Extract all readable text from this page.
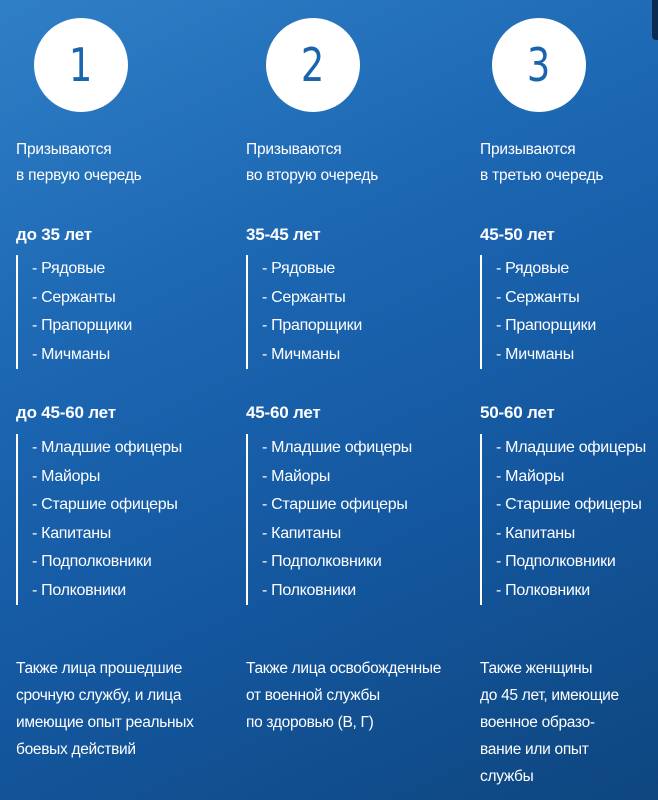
1
Призываются
в первую очередь
до 35 лет
- Рядовые
- Сержанты
- Прапорщики
- Мичманы
до 45-60 лет
- Младшие офицеры
- Майоры
- Старшие офицеры
- Капитаны
- Подполковники
- Полковники
Также лица прошедшие
срочную службу, и лица
имеющие опыт реальных
боевых действий
2
Призываются
во вторую очередь
35-45 лет
- Рядовые
- Сержанты
- Прапорщики
- Мичманы
45-60 лет
- Младшие офицеры
- Майоры
- Старшие офицеры
- Капитаны
- Подполковники
- Полковники
Также лица освобожденные
от военной службы
по здоровью (В, Г)
3
Призываются
в третью очередь
45-50 лет
- Рядовые
- Сержанты
- Прапорщики
- Мичманы
50-60 лет
- Младшие офицеры
- Майоры
- Старшие офицеры
- Капитаны
- Подполковники
- Полковники
Также женщины
до 45 лет, имеющие
военное образо-
вание или опыт
службы
